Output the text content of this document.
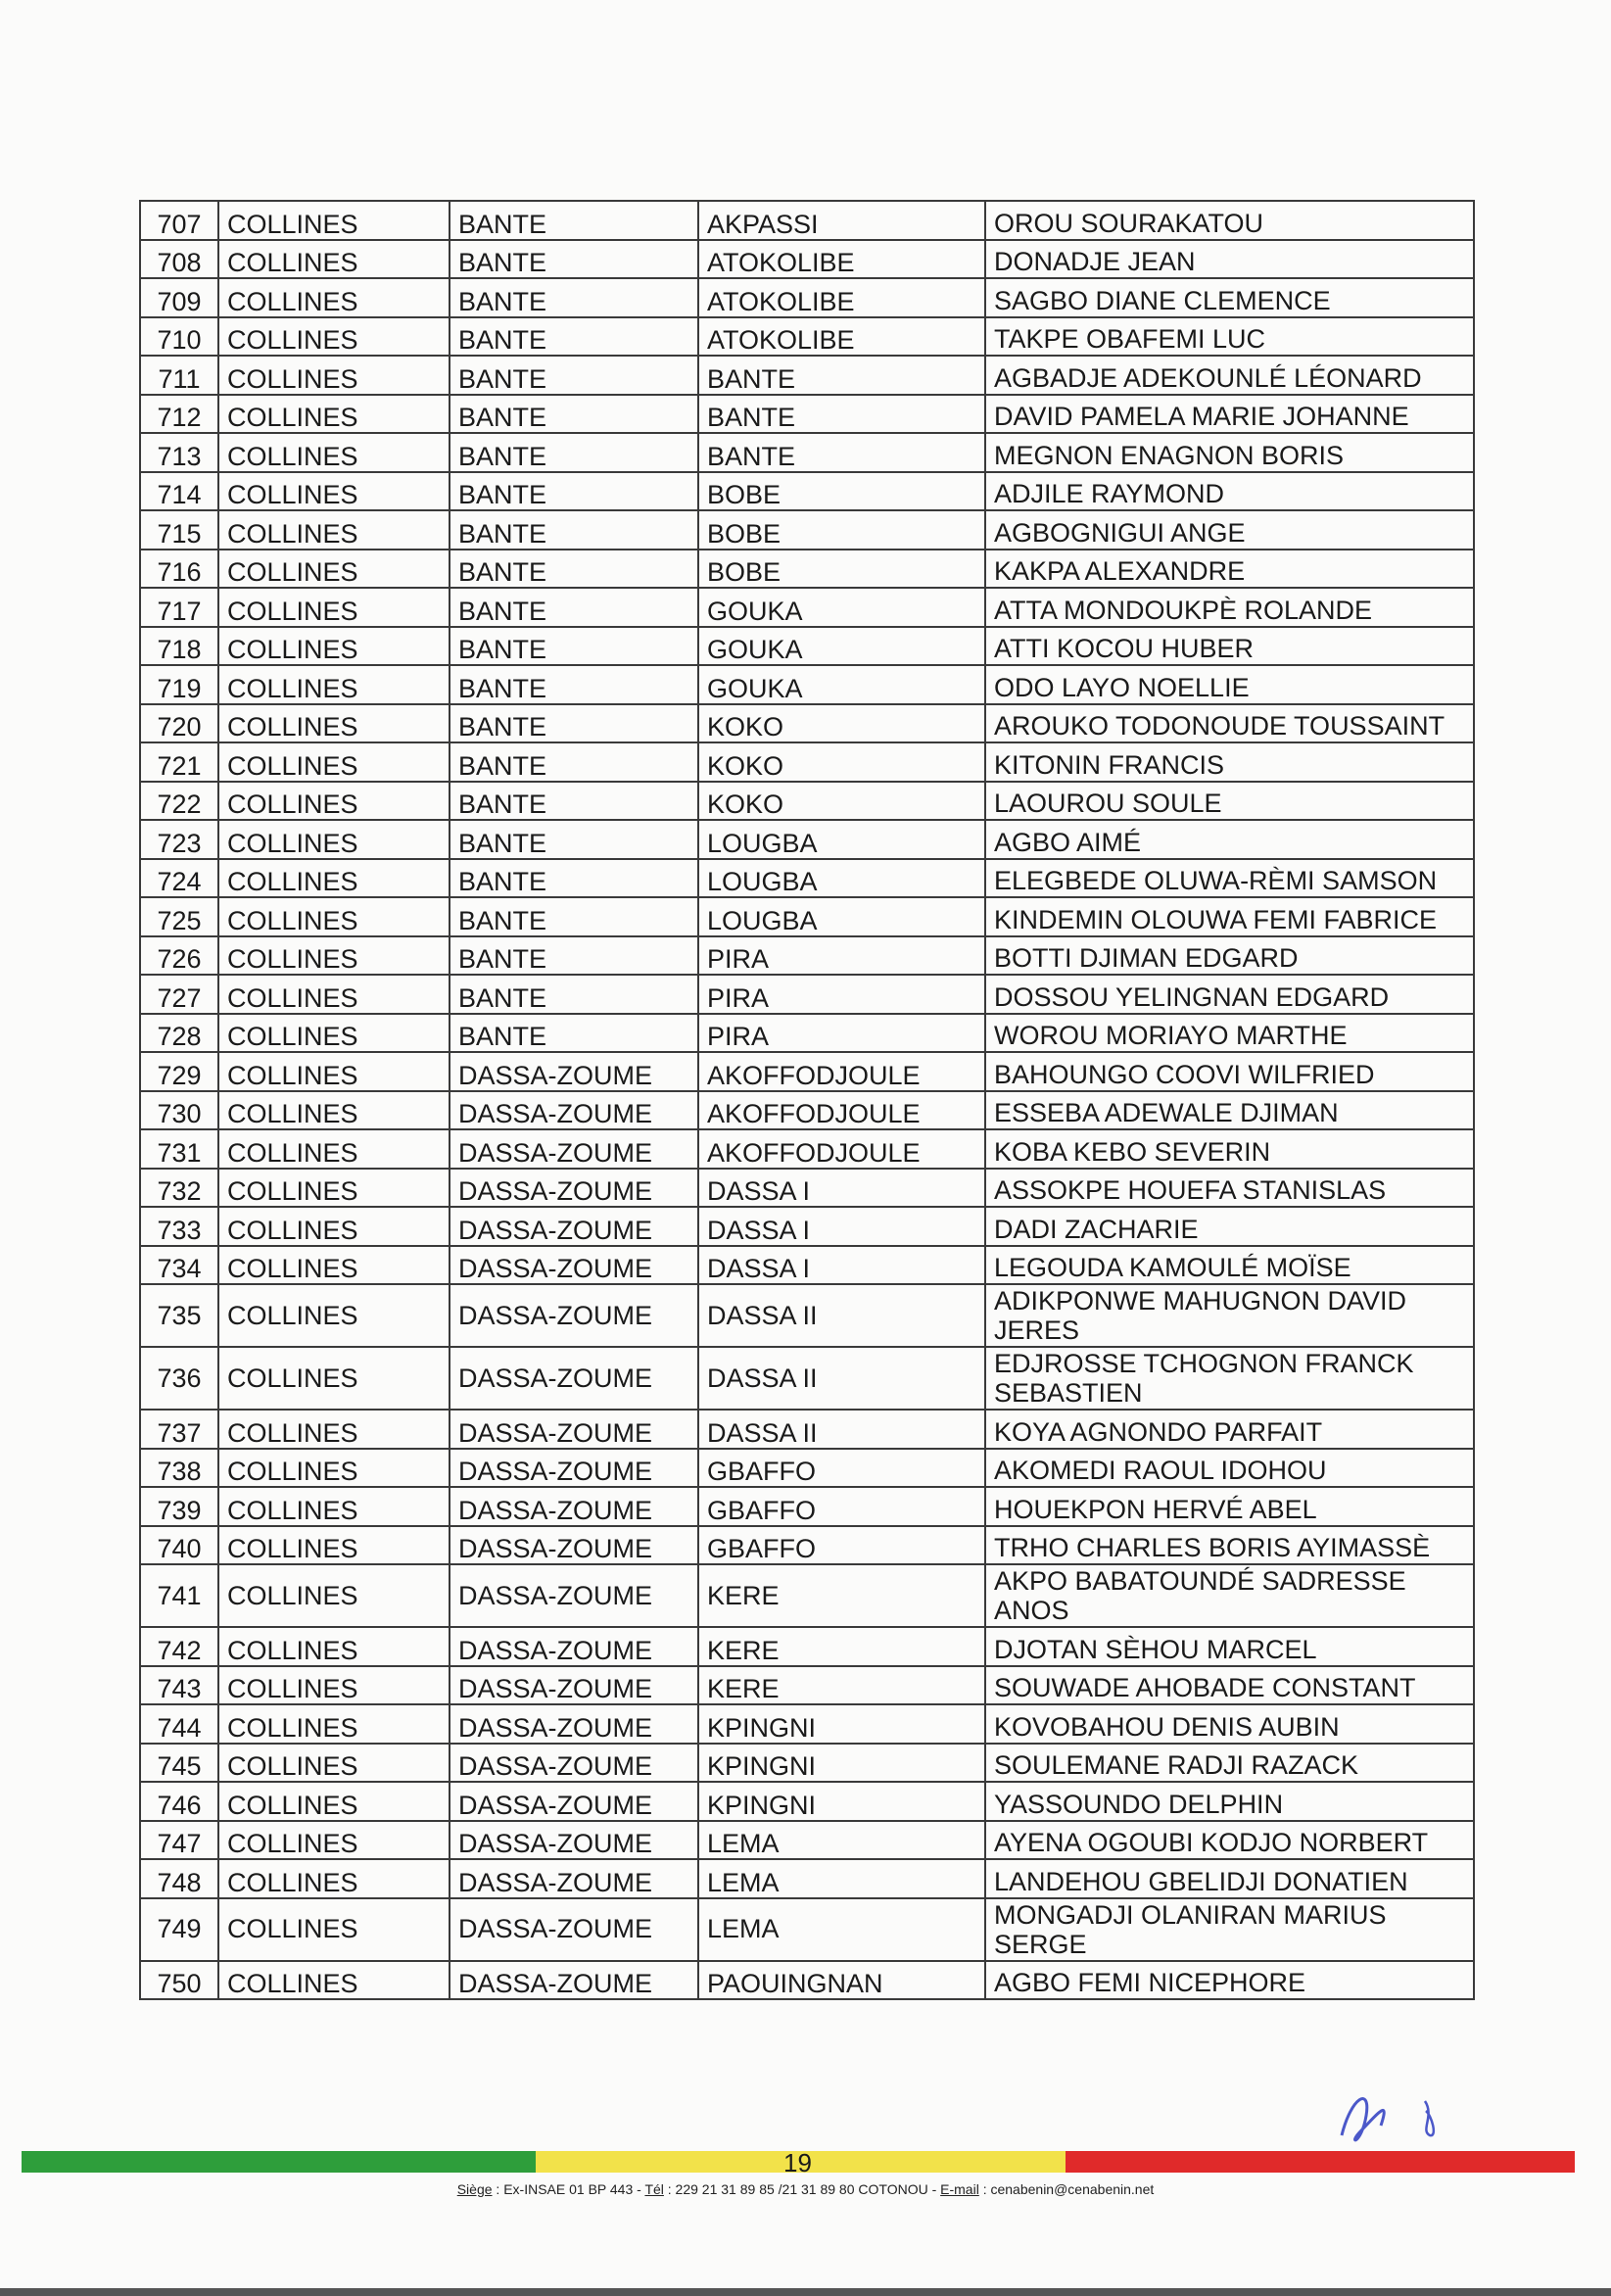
707	COLLINES	BANTE	AKPASSI	OROU SOURAKATOU
708	COLLINES	BANTE	ATOKOLIBE	DONADJE JEAN
709	COLLINES	BANTE	ATOKOLIBE	SAGBO DIANE CLEMENCE
710	COLLINES	BANTE	ATOKOLIBE	TAKPE OBAFEMI LUC
711	COLLINES	BANTE	BANTE	AGBADJE ADEKOUNLÉ LÉONARD
712	COLLINES	BANTE	BANTE	DAVID PAMELA MARIE JOHANNE
713	COLLINES	BANTE	BANTE	MEGNON ENAGNON BORIS
714	COLLINES	BANTE	BOBE	ADJILE RAYMOND
715	COLLINES	BANTE	BOBE	AGBOGNIGUI ANGE
716	COLLINES	BANTE	BOBE	KAKPA ALEXANDRE
717	COLLINES	BANTE	GOUKA	ATTA MONDOUKPÈ ROLANDE
718	COLLINES	BANTE	GOUKA	ATTI KOCOU HUBER
719	COLLINES	BANTE	GOUKA	ODO LAYO NOELLIE
720	COLLINES	BANTE	KOKO	AROUKO TODONOUDE TOUSSAINT
721	COLLINES	BANTE	KOKO	KITONIN FRANCIS
722	COLLINES	BANTE	KOKO	LAOUROU SOULE
723	COLLINES	BANTE	LOUGBA	AGBO AIMÉ
724	COLLINES	BANTE	LOUGBA	ELEGBEDE OLUWA-RÈMI SAMSON
725	COLLINES	BANTE	LOUGBA	KINDEMIN OLOUWA FEMI FABRICE
726	COLLINES	BANTE	PIRA	BOTTI DJIMAN EDGARD
727	COLLINES	BANTE	PIRA	DOSSOU YELINGNAN EDGARD
728	COLLINES	BANTE	PIRA	WOROU MORIAYO MARTHE
729	COLLINES	DASSA-ZOUME	AKOFFODJOULE	BAHOUNGO COOVI WILFRIED
730	COLLINES	DASSA-ZOUME	AKOFFODJOULE	ESSEBA ADEWALE DJIMAN
731	COLLINES	DASSA-ZOUME	AKOFFODJOULE	KOBA KEBO SEVERIN
732	COLLINES	DASSA-ZOUME	DASSA I	ASSOKPE HOUEFA STANISLAS
733	COLLINES	DASSA-ZOUME	DASSA I	DADI ZACHARIE
734	COLLINES	DASSA-ZOUME	DASSA I	LEGOUDA KAMOULÉ MOÏSE
735	COLLINES	DASSA-ZOUME	DASSA II	ADIKPONWE MAHUGNON DAVID JERES
736	COLLINES	DASSA-ZOUME	DASSA II	EDJROSSE TCHOGNON FRANCK SEBASTIEN
737	COLLINES	DASSA-ZOUME	DASSA II	KOYA AGNONDO PARFAIT
738	COLLINES	DASSA-ZOUME	GBAFFO	AKOMEDI RAOUL IDOHOU
739	COLLINES	DASSA-ZOUME	GBAFFO	HOUEKPON HERVÉ ABEL
740	COLLINES	DASSA-ZOUME	GBAFFO	TRHO CHARLES BORIS AYIMASSÈ
741	COLLINES	DASSA-ZOUME	KERE	AKPO BABATOUNDÉ SADRESSE ANOS
742	COLLINES	DASSA-ZOUME	KERE	DJOTAN SÈHOU MARCEL
743	COLLINES	DASSA-ZOUME	KERE	SOUWADE AHOBADE CONSTANT
744	COLLINES	DASSA-ZOUME	KPINGNI	KOVOBAHOU DENIS AUBIN
745	COLLINES	DASSA-ZOUME	KPINGNI	SOULEMANE RADJI RAZACK
746	COLLINES	DASSA-ZOUME	KPINGNI	YASSOUNDO DELPHIN
747	COLLINES	DASSA-ZOUME	LEMA	AYENA OGOUBI KODJO NORBERT
748	COLLINES	DASSA-ZOUME	LEMA	LANDEHOU GBELIDJI DONATIEN
749	COLLINES	DASSA-ZOUME	LEMA	MONGADJI OLANIRAN MARIUS SERGE
750	COLLINES	DASSA-ZOUME	PAOUINGNAN	AGBO FEMI NICEPHORE
19
Siège : Ex-INSAE 01 BP 443 - Tél : 229 21 31 89 85 /21 31 89 80 COTONOU - E-mail : cenabenin@cenabenin.net
